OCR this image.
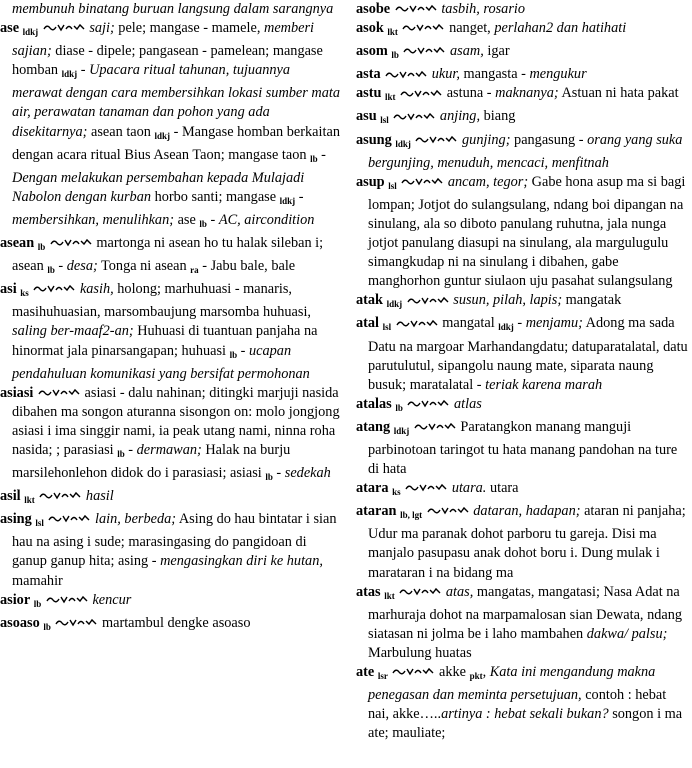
membunuh binatang buruan langsung dalam sarangnya

ase $_{ldkj}$	saji; pele; mangase - mamele, memberi sajian; diase - dipele; pangasean - pamelean; mangase homban $_{ldkj}$ - Upacara ritual tahunan, tujuannya merawat dengan cara membersihkan lokasi sumber mata air, perawatan tanaman dan pohon yang ada disekitarnya; asean taon $_{ldkj}$ - Mangase homban berkaitan dengan acara ritual Bius Asean Taon; mangase taon $_{lb}$ - Dengan melakukan persembahan kepada Mulajadi Nabolon dengan kurban horbo santi; mangase $_{ldkj}$ - membersihkan, menulihkan; ase $_{lb}$ - AC, aircondition

asean $_{lb}$	martonga ni asean ho tu halak sileban i; asean $_{lb}$ - desa; Tonga ni asean $_{ra}$ - Jabu bale, bale

asi $_{ks}$	kasih, holong; marhuhuasi - manaris, masihuhuasian, marsombaujung marsomba huhuasi, saling ber-maaf2-an; Huhuasi di tuantuan panjaha na hinormat jala pinarsangapan; huhuasi $_{lb}$ - ucapan pendahuluan komunikasi yang bersifat permohonan

asiasi	asiasi - dalu nahinan; ditingki marjuji nasida dibahen ma songon aturanna sisongon on: molo jongjong asiasi i ima singgir nami, ia peak utang nami, ninna roha nasida; ; parasiasi $_{lb}$ - dermawan; Halak na burju marsilehonlehon didok do i parasiasi; asiasi $_{lb}$ - sedekah

asil $_{lkt}$	hasil

asing $_{lsl}$	lain, berbeda; Asing do hau bintatar i sian hau na asing i sude; marasingasing do pangidoan di ganup ganup hita; asing - mengasingkan diri ke hutan, mamahir

asior $_{lb}$	kencur

asoaso $_{lb}$	martambul dengke asoaso

asobe	tasbih, rosario

asok $_{lkt}$	nanget, perlahan2 dan hatihati

asom $_{lb}$	asam, igar

asta	ukur, mangasta - mengukur

astu $_{lkt}$	astuna - maknanya; Astuan ni hata pakat

asu $_{lsl}$	anjing, biang

asung $_{ldkj}$	gunjing; pangasung - orang yang suka bergunjing, menuduh, mencaci, menfitnah

asup $_{lsl}$	ancam, tegor; Gabe hona asup ma si bagi lompan; Jotjot do sulangsulang, ndang boi dipangan na sinulang, ala so diboto panulang ruhutna, jala nunga jotjot panulang diasupi na sinulang, ala margulugulu simangkudap ni na sinulang i dibahen, gabe manghorhon guntur siulaon uju pasahat sulangsulang

atak $_{ldkj}$	susun, pilah, lapis; mangatak

atal $_{lsl}$	mangatal $_{ldkj}$ - menjamu; Adong ma sada Datu na margoar Marhandangdatu; datuparatalatal, datu parutulutul, sipangolu naung mate, siparata naung busuk; maratalatal - teriak karena marah

atalas $_{lb}$	atlas

atang $_{ldkj}$	Paratangkon manang manguji parbinotoan taringot tu hata manang pandohan na ture di hata

atara $_{ks}$	utara. utara

ataran $_{lb, lgt}$	dataran, hadapan; ataran ni panjaha; Udur ma paranak dohot parboru tu gareja. Disi ma manjalo pasupasu anak dohot boru i. Dung mulak i marataran i na bidang ma

atas $_{lkt}$	atas, mangatas, mangatasi; Nasa Adat na marhuraja dohot na marpamalosan sian Dewata, ndang siatasan ni jolma be i laho mambahen dakwa/ palsu; Marbulung huatas

ate $_{lsr}$	akke $_{pkt}$, Kata ini mengandung makna penegasan dan meminta persetujuan, contoh : hebat nai, akke…..artinya : hebat sekali bukan? songon i ma ate; mauliate;
